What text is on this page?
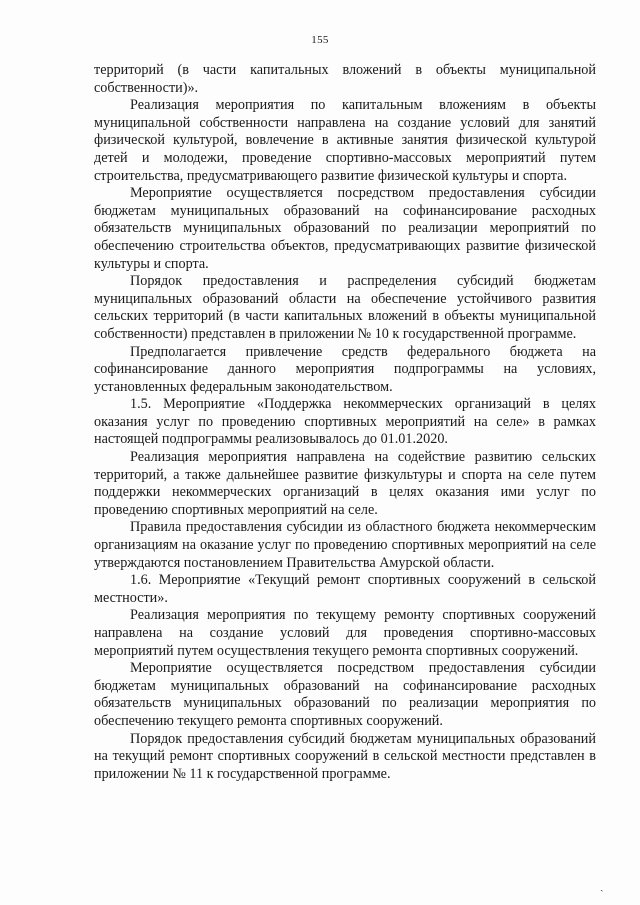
155

территорий (в части капитальных вложений в объекты муниципальной собственности)».

Реализация мероприятия по капитальным вложениям в объекты муниципальной собственности направлена на создание условий для занятий физической культурой, вовлечение в активные занятия физической культурой детей и молодежи, проведение спортивно-массовых мероприятий путем строительства, предусматривающего развитие физической культуры и спорта.

Мероприятие осуществляется посредством предоставления субсидии бюджетам муниципальных образований на софинансирование расходных обязательств муниципальных образований по реализации мероприятий по обеспечению строительства объектов, предусматривающих развитие физической культуры и спорта.

Порядок предоставления и распределения субсидий бюджетам муниципальных образований области на обеспечение устойчивого развития сельских территорий (в части капитальных вложений в объекты муниципальной собственности) представлен в приложении № 10 к государственной программе.

Предполагается привлечение средств федерального бюджета на софинансирование данного мероприятия подпрограммы на условиях, установленных федеральным законодательством.

1.5. Мероприятие «Поддержка некоммерческих организаций в целях оказания услуг по проведению спортивных мероприятий на селе» в рамках настоящей подпрограммы реализовывалось до 01.01.2020.

Реализация мероприятия направлена на содействие развитию сельских территорий, а также дальнейшее развитие физкультуры и спорта на селе путем поддержки некоммерческих организаций в целях оказания ими услуг по проведению спортивных мероприятий на селе.

Правила предоставления субсидии из областного бюджета некоммерческим организациям на оказание услуг по проведению спортивных мероприятий на селе утверждаются постановлением Правительства Амурской области.

1.6. Мероприятие «Текущий ремонт спортивных сооружений в сельской местности».

Реализация мероприятия по текущему ремонту спортивных сооружений направлена на создание условий для проведения спортивно-массовых мероприятий путем осуществления текущего ремонта спортивных сооружений.

Мероприятие осуществляется посредством предоставления субсидии бюджетам муниципальных образований на софинансирование расходных обязательств муниципальных образований по реализации мероприятия по обеспечению текущего ремонта спортивных сооружений.

Порядок предоставления субсидий бюджетам муниципальных образований на текущий ремонт спортивных сооружений в сельской местности представлен в приложении № 11 к государственной программе.

ˏ
